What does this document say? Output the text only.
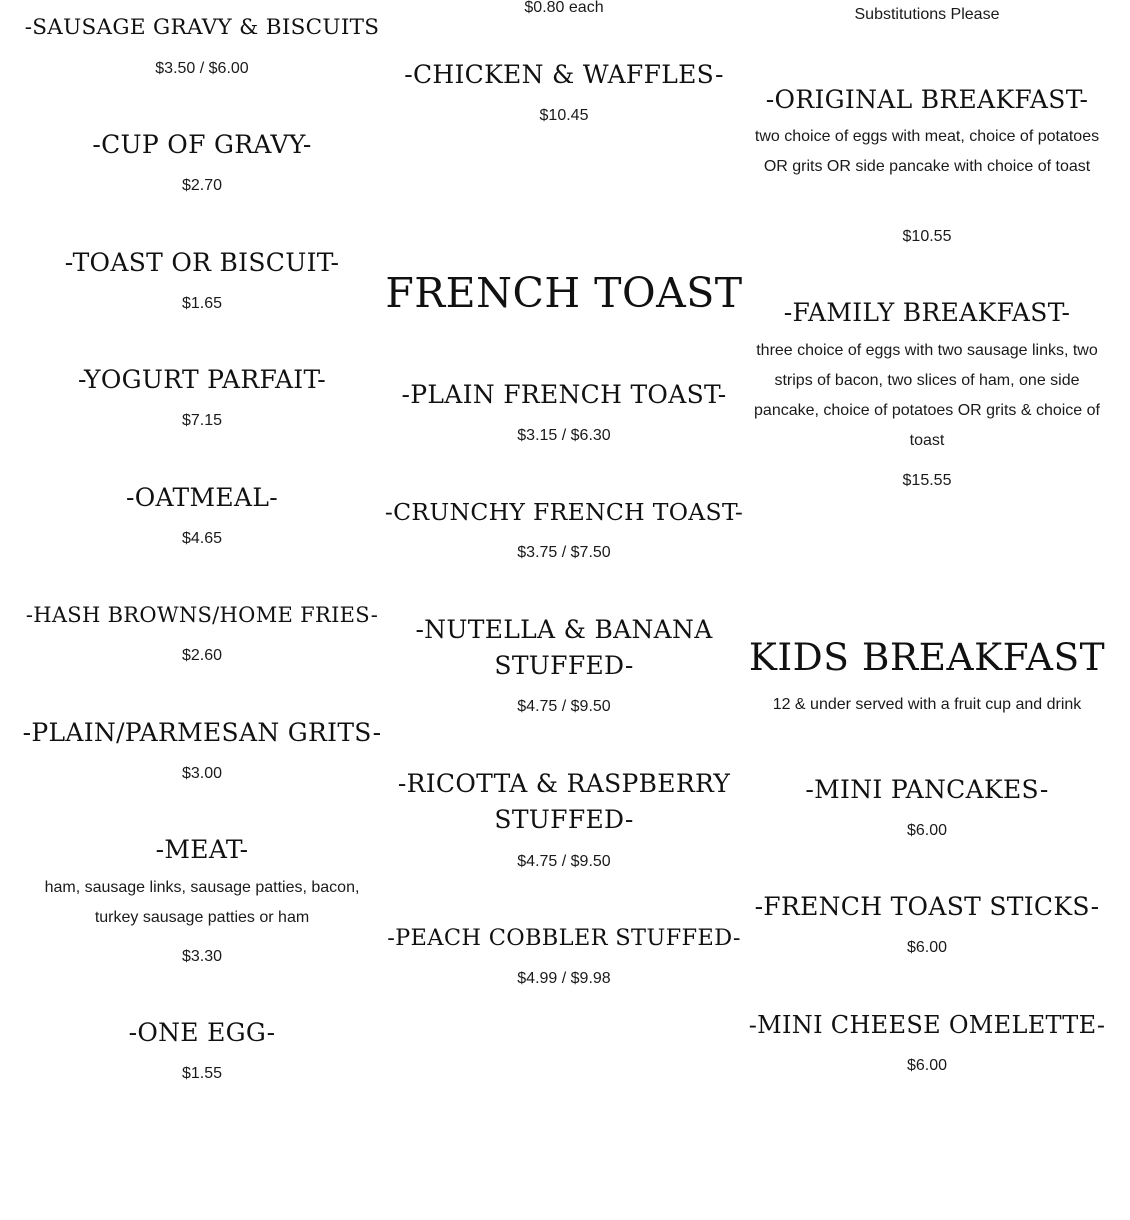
-SAUSAGE GRAVY & BISCUITS
$3.50 / $6.00
-CUP OF GRAVY-
$2.70
-TOAST OR BISCUIT-
$1.65
-YOGURT PARFAIT-
$7.15
-OATMEAL-
$4.65
-HASH BROWNS/HOME FRIES-
$2.60
-PLAIN/PARMESAN GRITS-
$3.00
-MEAT-
ham, sausage links, sausage patties, bacon, turkey sausage patties or ham
$3.30
-ONE EGG-
$1.55
$0.80 each
-CHICKEN & WAFFLES-
$10.45
FRENCH TOAST
-PLAIN FRENCH TOAST-
$3.15 / $6.30
-CRUNCHY FRENCH TOAST-
$3.75 / $7.50
-NUTELLA & BANANA
STUFFED-
$4.75 / $9.50
-RICOTTA & RASPBERRY
STUFFED-
$4.75 / $9.50
-PEACH COBBLER STUFFED-
$4.99 / $9.98
Substitutions Please
-ORIGINAL BREAKFAST-
two choice of eggs with meat, choice of potatoes OR grits OR side pancake with choice of toast
$10.55
-FAMILY BREAKFAST-
three choice of eggs with two sausage links, two strips of bacon, two slices of ham, one side pancake, choice of potatoes OR grits & choice of toast
$15.55
KIDS BREAKFAST
12 & under served with a fruit cup and drink
-MINI PANCAKES-
$6.00
-FRENCH TOAST STICKS-
$6.00
-MINI CHEESE OMELETTE-
$6.00
